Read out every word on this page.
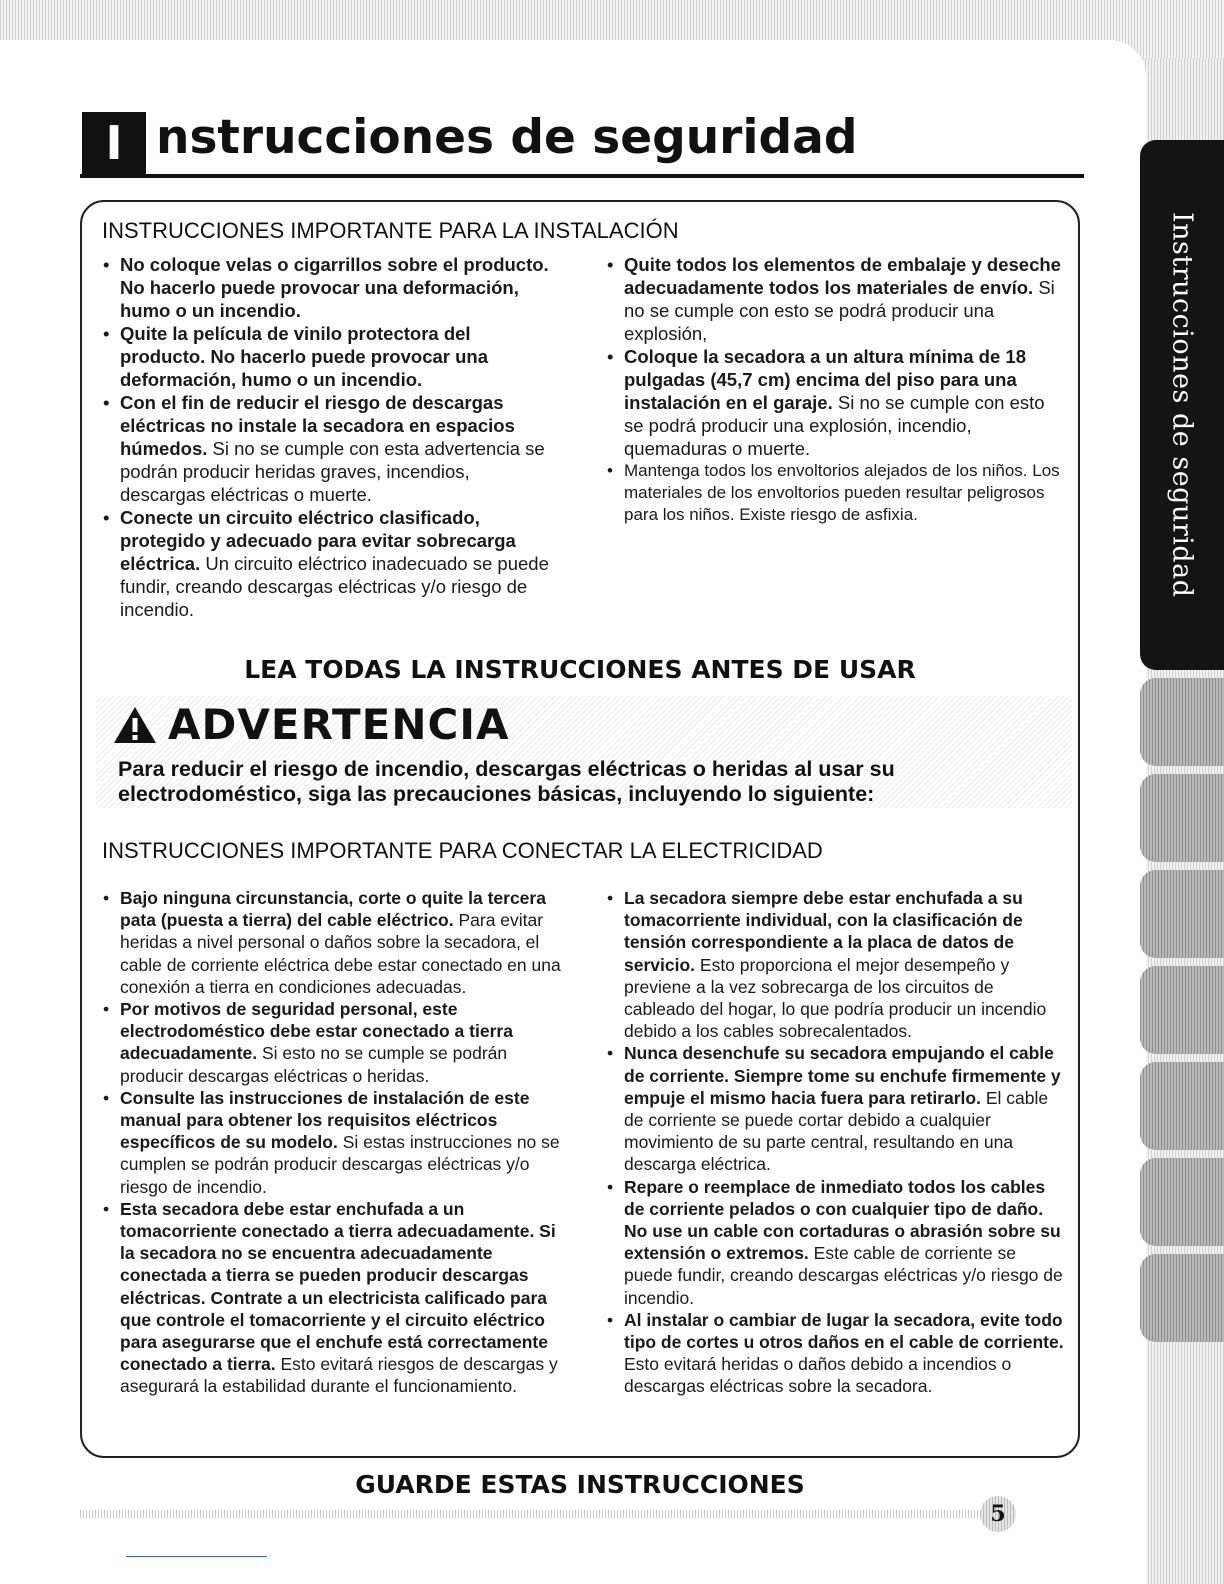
Instrucciones de seguridad
I nstrucciones de seguridad
INSTRUCCIONES IMPORTANTE PARA LA INSTALACIÓN
• No coloque velas o cigarrillos sobre el producto. No hacerlo puede provocar una deformación, humo o un incendio.
• Quite la película de vinilo protectora del producto. No hacerlo puede provocar una deformación, humo o un incendio.
• Con el fin de reducir el riesgo de descargas eléctricas no instale la secadora en espacios húmedos. Si no se cumple con esta advertencia se podrán producir heridas graves, incendios, descargas eléctricas o muerte.
• Conecte un circuito eléctrico clasificado, protegido y adecuado para evitar sobrecarga eléctrica. Un circuito eléctrico inadecuado se puede fundir, creando descargas eléctricas y/o riesgo de incendio.
• Quite todos los elementos de embalaje y deseche adecuadamente todos los materiales de envío. Si no se cumple con esto se podrá producir una explosión,
• Coloque la secadora a un altura mínima de 18 pulgadas (45,7 cm) encima del piso para una instalación en el garaje. Si no se cumple con esto se podrá producir una explosión, incendio, quemaduras o muerte.
• Mantenga todos los envoltorios alejados de los niños. Los materiales de los envoltorios pueden resultar peligrosos para los niños. Existe riesgo de asfixia.
LEA TODAS LA INSTRUCCIONES ANTES DE USAR
ADVERTENCIA
Para reducir el riesgo de incendio, descargas eléctricas o heridas al usar su electrodoméstico, siga las precauciones básicas, incluyendo lo siguiente:
INSTRUCCIONES IMPORTANTE PARA CONECTAR LA ELECTRICIDAD
• Bajo ninguna circunstancia, corte o quite la tercera pata (puesta a tierra) del cable eléctrico. Para evitar heridas a nivel personal o daños sobre la secadora, el cable de corriente eléctrica debe estar conectado en una conexión a tierra en condiciones adecuadas.
• Por motivos de seguridad personal, este electrodoméstico debe estar conectado a tierra adecuadamente. Si esto no se cumple se podrán producir descargas eléctricas o heridas.
• Consulte las instrucciones de instalación de este manual para obtener los requisitos eléctricos específicos de su modelo. Si estas instrucciones no se cumplen se podrán producir descargas eléctricas y/o riesgo de incendio.
• Esta secadora debe estar enchufada a un tomacorriente conectado a tierra adecuadamente. Si la secadora no se encuentra adecuadamente conectada a tierra se pueden producir descargas eléctricas. Contrate a un electricista calificado para que controle el tomacorriente y el circuito eléctrico para asegurarse que el enchufe está correctamente conectado a tierra. Esto evitará riesgos de descargas y asegurará la estabilidad durante el funcionamiento.
• La secadora siempre debe estar enchufada a su tomacorriente individual, con la clasificación de tensión correspondiente a la placa de datos de servicio. Esto proporciona el mejor desempeño y previene a la vez sobrecarga de los circuitos de cableado del hogar, lo que podría producir un incendio debido a los cables sobrecalentados.
• Nunca desenchufe su secadora empujando el cable de corriente. Siempre tome su enchufe firmemente y empuje el mismo hacia fuera para retirarlo. El cable de corriente se puede cortar debido a cualquier movimiento de su parte central, resultando en una descarga eléctrica.
• Repare o reemplace de inmediato todos los cables de corriente pelados o con cualquier tipo de daño. No use un cable con cortaduras o abrasión sobre su extensión o extremos. Este cable de corriente se puede fundir, creando descargas eléctricas y/o riesgo de incendio.
• Al instalar o cambiar de lugar la secadora, evite todo tipo de cortes u otros daños en el cable de corriente. Esto evitará heridas o daños debido a incendios o descargas eléctricas sobre la secadora.
GUARDE ESTAS INSTRUCCIONES
5
